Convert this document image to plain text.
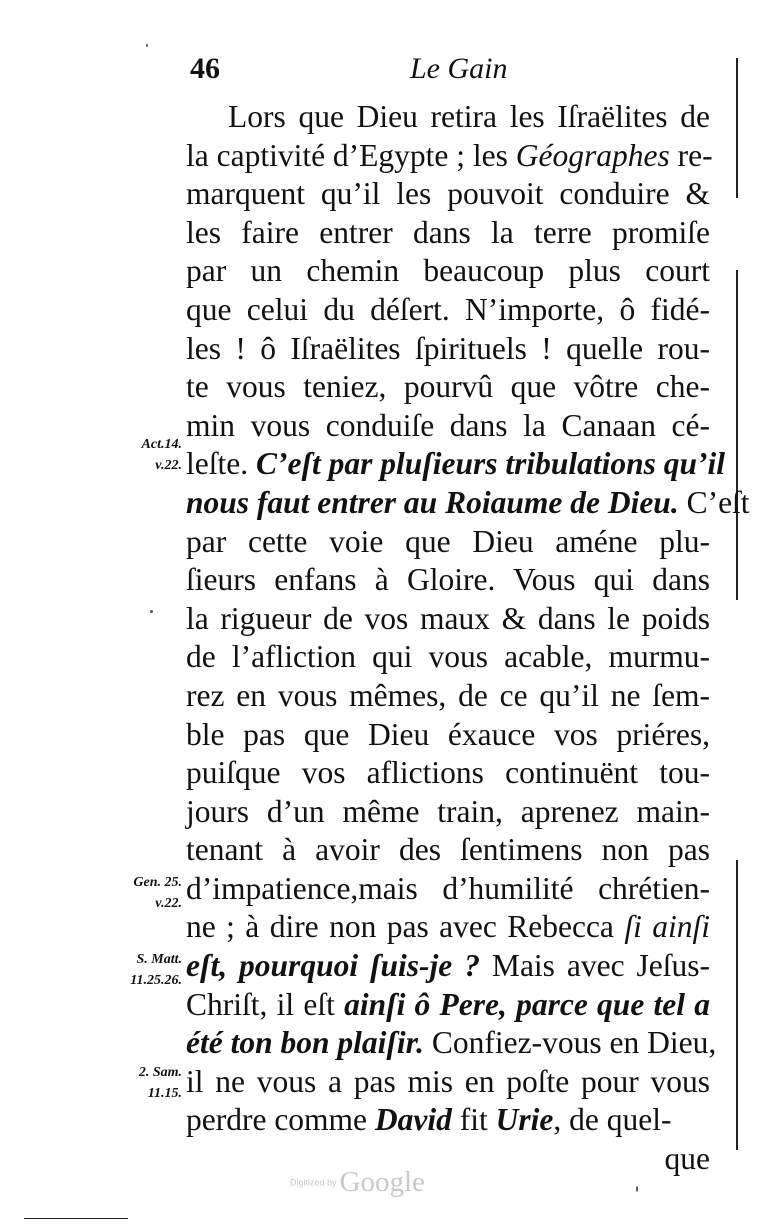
46	Le Gain
Lors que Dieu retira les Iſraëlites de
la captivité d’Egypte ; les Géographes re-
marquent qu’il les pouvoit conduire &
les faire entrer dans la terre promiſe
par un chemin beaucoup plus court
que celui du déſert. N’importe, ô fidé-
les ! ô Iſraëlites ſpirituels ! quelle rou-
te vous teniez, pourvû que vôtre che-
min vous conduiſe dans la Canaan cé-
leſte. C’eſt par pluſieurs tribulations qu’il
nous faut entrer au Roiaume de Dieu. C’eſt
par cette voie que Dieu améne plu-
ſieurs enfans à Gloire. Vous qui dans
la rigueur de vos maux & dans le poids
de l’afliction qui vous acable, murmu-
rez en vous mêmes, de ce qu’il ne ſem-
ble pas que Dieu éxauce vos priéres,
puiſque vos aflictions continuënt tou-
jours d’un même train, aprenez main-
tenant à avoir des ſentimens non pas
d’impatience,mais d’humilité chrétien-
ne ; à dire non pas avec Rebecca ſi ainſi
eſt, pourquoi ſuis-je ? Mais avec Jeſus-
Chriſt, il eſt ainſi ô Pere, parce que tel a
été ton bon plaiſir. Confiez-vous en Dieu,
il ne vous a pas mis en poſte pour vous
perdre comme David fit Urie, de quel-
que
Act.14.
v.22.
Gen. 25.
v.22.
S. Matt.
11.25.26.
2. Sam.
11.15.
Digitized by Google
